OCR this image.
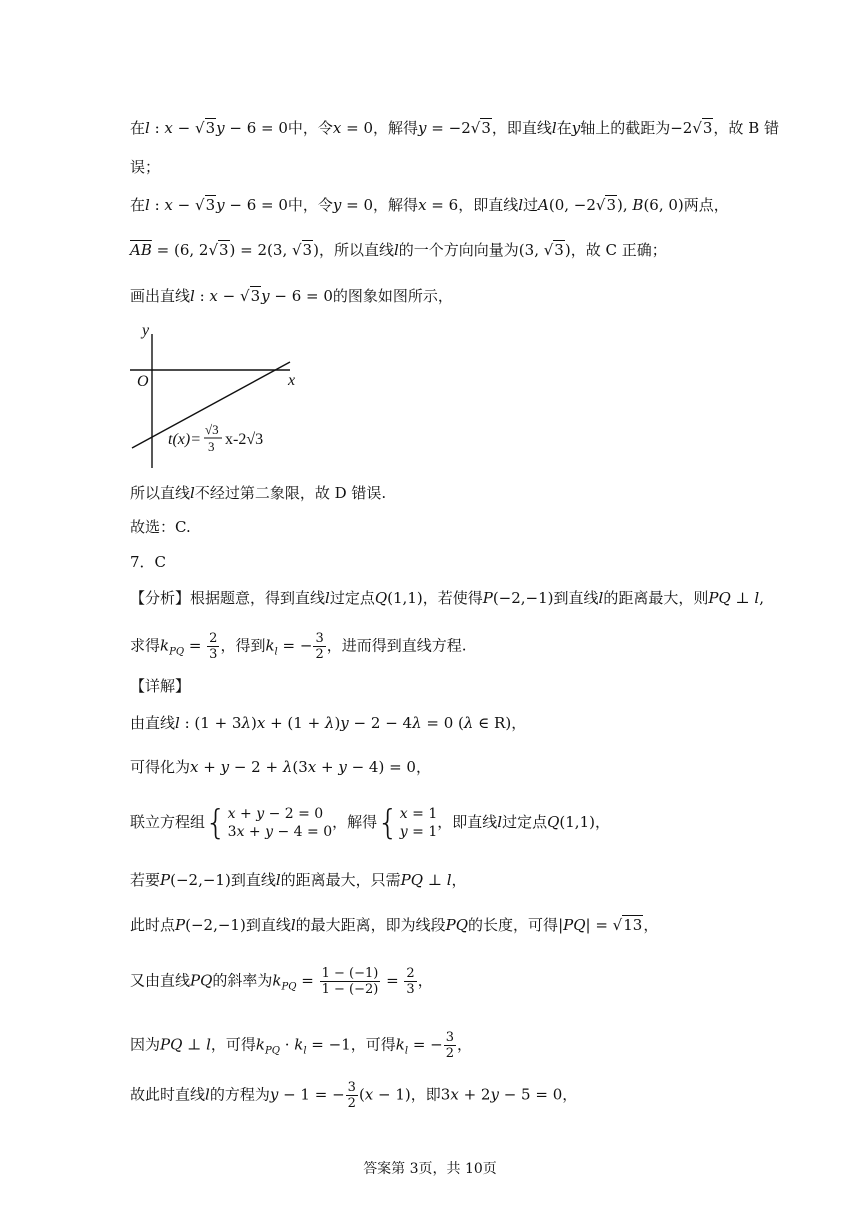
在l : x − √3y − 6 = 0中，令x = 0，解得y = −2√3，即直线l在y轴上的截距为−2√3，故 B 错
误；
在l : x − √3y − 6 = 0中，令y = 0，解得x = 6，即直线l过A(0, −2√3), B(6, 0)两点，
$\overline{AB} = (6$, 2√3) = 2(3, √3)，所以直线l的一个方向向量为(3, √3)，故 C 正确；
画出直线l : x − √3y − 6 = 0的图象如图所示，
y
x
O
t(x)=
√3
3 x-2√3
所以直线l不经过第二象限，故 D 错误.
故选：C.
7．C
【分析】根据题意，得到直线l过定点Q(1,1)，若使得P(−2,−1)到直线l的距离最大，则PQ ⊥ l,
求得$k_{PQ} = \frac{2}{3}$ ，得到$k_l$ = − $\frac{3}{2}$ ，进而得到直线方程.
【详解】
由直线l : (1 + 3λ)x + (1 + λ)y − 2 − 4λ = 0 (λ ∈ R)，
可得化为x + y − 2 + λ(3x + y − 4) = 0，
联立方程组{ x + y − 2 = 0
3x + y − 4 = 0
，解得{ x = 1
y = 1
，即直线l过定点Q(1,1)，
若要P(−2,−1)到直线l的距离最大，只需PQ ⊥ l，
此时点P(−2,−1)到直线l的最大距离，即为线段PQ的长度，可得|PQ| = √13，
又由直线PQ的斜率为$k_{PQ} = \frac{1 - (-1)}{1 - (-2)} = \frac{2}{3}$ ，
因为PQ ⊥ l，可得$k_{PQ} \cdot k_l = -1$，可得$k_l$ = − $\frac{3}{2}$ ，
故此时直线l的方程为y − 1 = − $\frac{3}{2} (x - 1)$，即3x + 2y − 5 = 0，
答案第 3页，共 10页
